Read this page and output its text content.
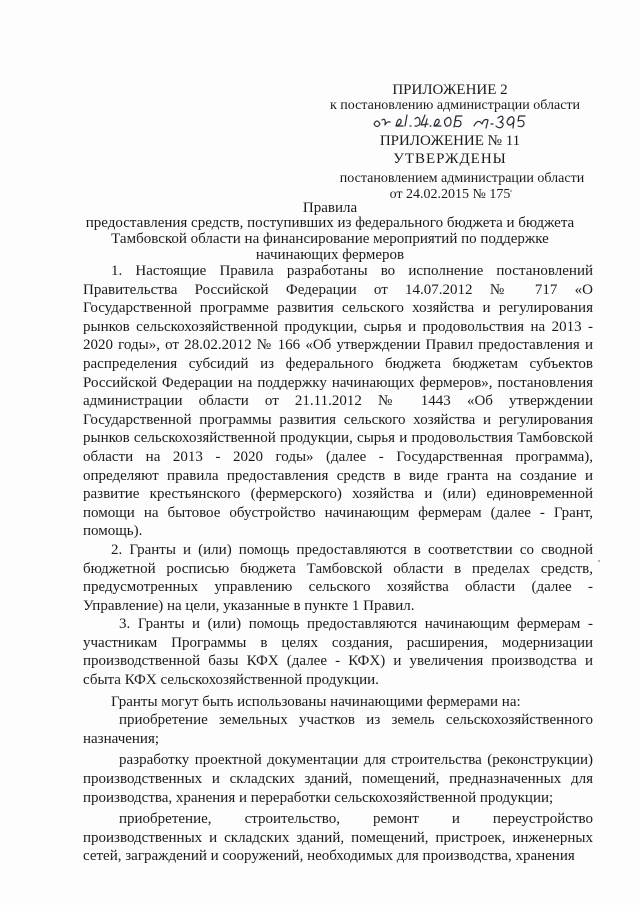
ПРИЛОЖЕНИЕ 2
к постановлению администрации области
ПРИЛОЖЕНИЕ № 11
УТВЕРЖДЕНЫ
постановлением администрации области
от 24.02.2015 № 175
Правила
предоставления средств, поступивших из федерального бюджета и бюджета Тамбовской области на финансирование мероприятий по поддержке начинающих фермеров

1. Настоящие Правила разработаны во исполнение постановлений Правительства Российской Федерации от 14.07.2012 № 717 «О Государственной программе развития сельского хозяйства и регулирования рынков сельскохозяйственной продукции, сырья и продовольствия на 2013 - 2020 годы», от 28.02.2012 № 166 «Об утверждении Правил предоставления и распределения субсидий из федерального бюджета бюджетам субъектов Российской Федерации на поддержку начинающих фермеров», постановления администрации области от 21.11.2012 № 1443 «Об утверждении Государственной программы развития сельского хозяйства и регулирования рынков сельскохозяйственной продукции, сырья и продовольствия Тамбовской области на 2013 - 2020 годы» (далее - Государственная программа), определяют правила предоставления средств в виде гранта на создание и развитие крестьянского (фермерского) хозяйства и (или) единовременной помощи на бытовое обустройство начинающим фермерам (далее - Грант, помощь).

2. Гранты и (или) помощь предоставляются в соответствии со сводной бюджетной росписью бюджета Тамбовской области в пределах средств, предусмотренных управлению сельского хозяйства области (далее - Управление) на цели, указанные в пункте 1 Правил.

3. Гранты и (или) помощь предоставляются начинающим фермерам - участникам Программы в целях создания, расширения, модернизации производственной базы КФХ (далее - КФХ) и увеличения производства и сбыта КФХ сельскохозяйственной продукции.

Гранты могут быть использованы начинающими фермерами на:

приобретение земельных участков из земель сельскохозяйственного назначения;

разработку проектной документации для строительства (реконструкции) производственных и складских зданий, помещений, предназначенных для производства, хранения и переработки сельскохозяйственной продукции;

приобретение, строительство, ремонт и переустройство производственных и складских зданий, помещений, пристроек, инженерных сетей, заграждений и сооружений, необходимых для производства, хранения
